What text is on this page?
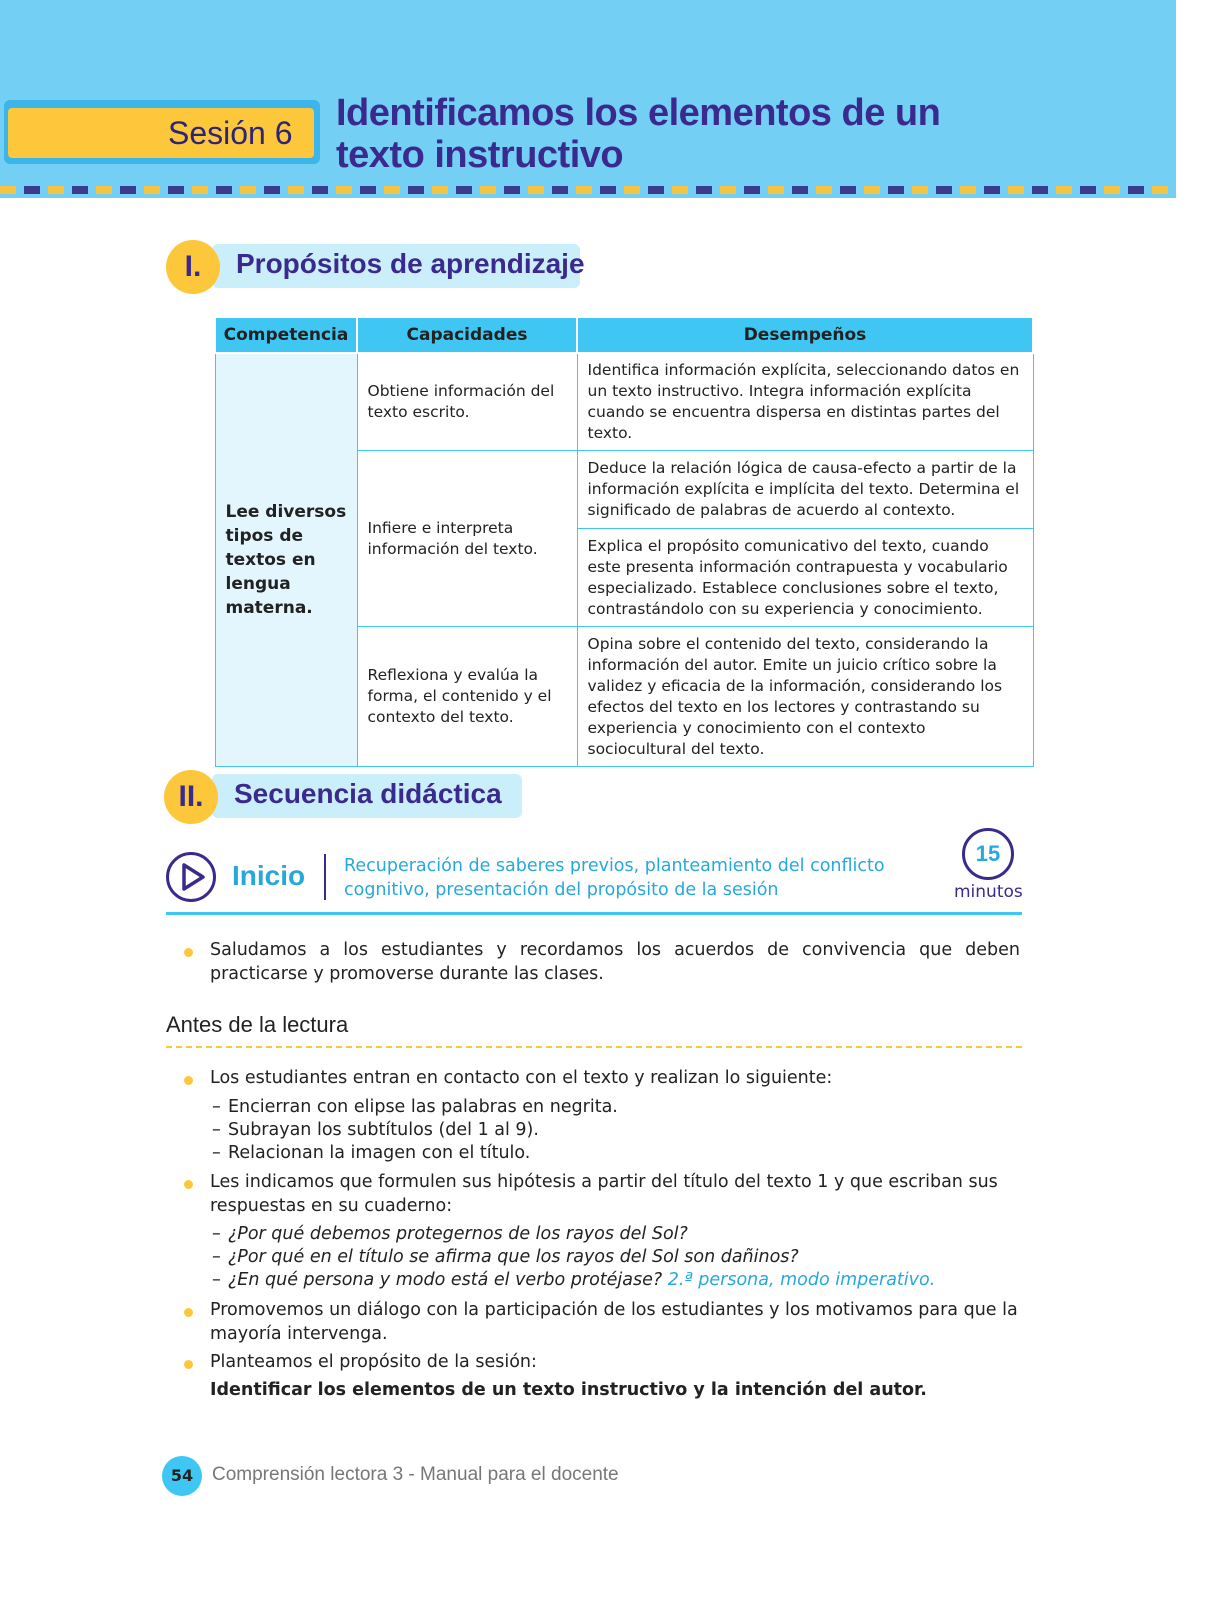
Sesión 6	Identificamos los elementos de un
texto instructivo
I.	Propósitos de aprendizaje
Competencia	Capacidades	Desempeños
Lee diversos tipos de textos en lengua materna.	Obtiene información del texto escrito.	Identifica información explícita, seleccionando datos en un texto instructivo. Integra información explícita cuando se encuentra dispersa en distintas partes del texto.
	Infiere e interpreta información del texto.	Deduce la relación lógica de causa-efecto a partir de la información explícita e implícita del texto. Determina el significado de palabras de acuerdo al contexto.
		Explica el propósito comunicativo del texto, cuando este presenta información contrapuesta y vocabulario especializado. Establece conclusiones sobre el texto, contrastándolo con su experiencia y conocimiento.
	Reflexiona y evalúa la forma, el contenido y el contexto del texto.	Opina sobre el contenido del texto, considerando la información del autor. Emite un juicio crítico sobre la validez y eficacia de la información, considerando los efectos del texto en los lectores y contrastando su experiencia y conocimiento con el contexto sociocultural del texto.
II.	Secuencia didáctica
Inicio Recuperación de saberes previos, planteamiento del conflicto cognitivo, presentación del propósito de la sesión
15
minutos
Saludamos a los estudiantes y recordamos los acuerdos de convivencia que deben practicarse y promoverse durante las clases.
Antes de la lectura
Los estudiantes entran en contacto con el texto y realizan lo siguiente:
– Encierran con elipse las palabras en negrita.
– Subrayan los subtítulos (del 1 al 9).
– Relacionan la imagen con el título.
Les indicamos que formulen sus hipótesis a partir del título del texto 1 y que escriban sus respuestas en su cuaderno:
– ¿Por qué debemos protegernos de los rayos del Sol?
– ¿Por qué en el título se afirma que los rayos del Sol son dañinos?
– ¿En qué persona y modo está el verbo protéjase? 2.ª persona, modo imperativo.
Promovemos un diálogo con la participación de los estudiantes y los motivamos para que la mayoría intervenga.
Planteamos el propósito de la sesión:
Identificar los elementos de un texto instructivo y la intención del autor.
54 Comprensión lectora 3 - Manual para el docente
